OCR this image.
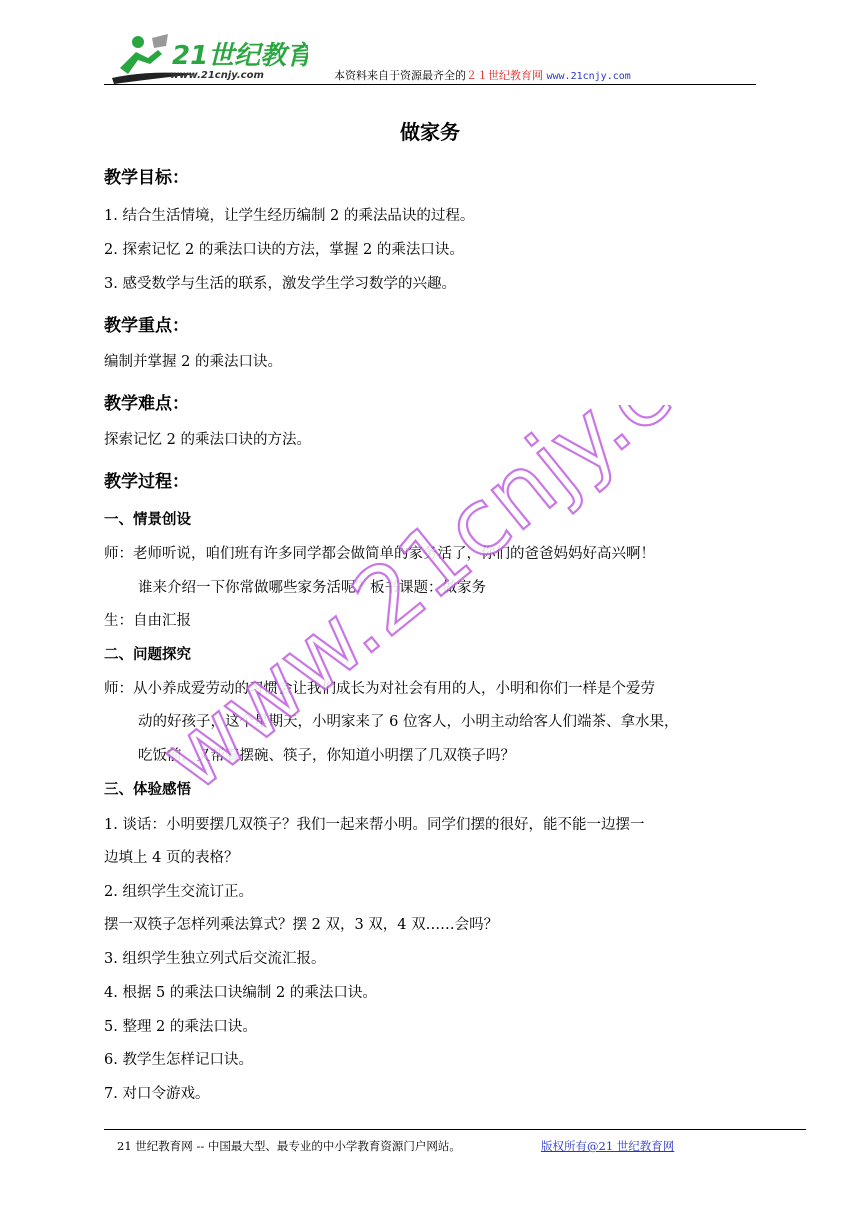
21世纪教育
www.21cnjy.com	本资料来自于资源最齐全的２１世纪教育网 www.21cnjy.com
做家务
教学目标：
1. 结合生活情境，让学生经历编制 2 的乘法品诀的过程。
2. 探索记忆 2 的乘法口诀的方法，掌握 2 的乘法口诀。
3. 感受数学与生活的联系，激发学生学习数学的兴趣。
教学重点：
编制并掌握 2 的乘法口诀。
教学难点：
探索记忆 2 的乘法口诀的方法。
教学过程：
一、情景创设
师：老师听说，咱们班有许多同学都会做简单的家务活了，你们的爸爸妈妈好高兴啊！
谁来介绍一下你常做哪些家务活呢？板书课题：做家务
生：自由汇报
二、问题探究
师：从小养成爱劳动的习惯会让我们成长为对社会有用的人，小明和你们一样是个爱劳
动的好孩子，这个星期天，小明家来了 6 位客人，小明主动给客人们端茶、拿水果，
吃饭前，又帮着摆碗、筷子，你知道小明摆了几双筷子吗？
三、体验感悟
1. 谈话：小明要摆几双筷子？我们一起来帮小明。同学们摆的很好，能不能一边摆一
边填上 4 页的表格？
2. 组织学生交流订正。
摆一双筷子怎样列乘法算式？摆 2 双，3 双，4 双……会吗？
3. 组织学生独立列式后交流汇报。
4. 根据 5 的乘法口诀编制 2 的乘法口诀。
5. 整理 2 的乘法口诀。
6. 教学生怎样记口诀。
7. 对口令游戏。
www.21cnjy.com
21 世纪教育网 -- 中国最大型、最专业的中小学教育资源门户网站。	版权所有@21 世纪教育网
